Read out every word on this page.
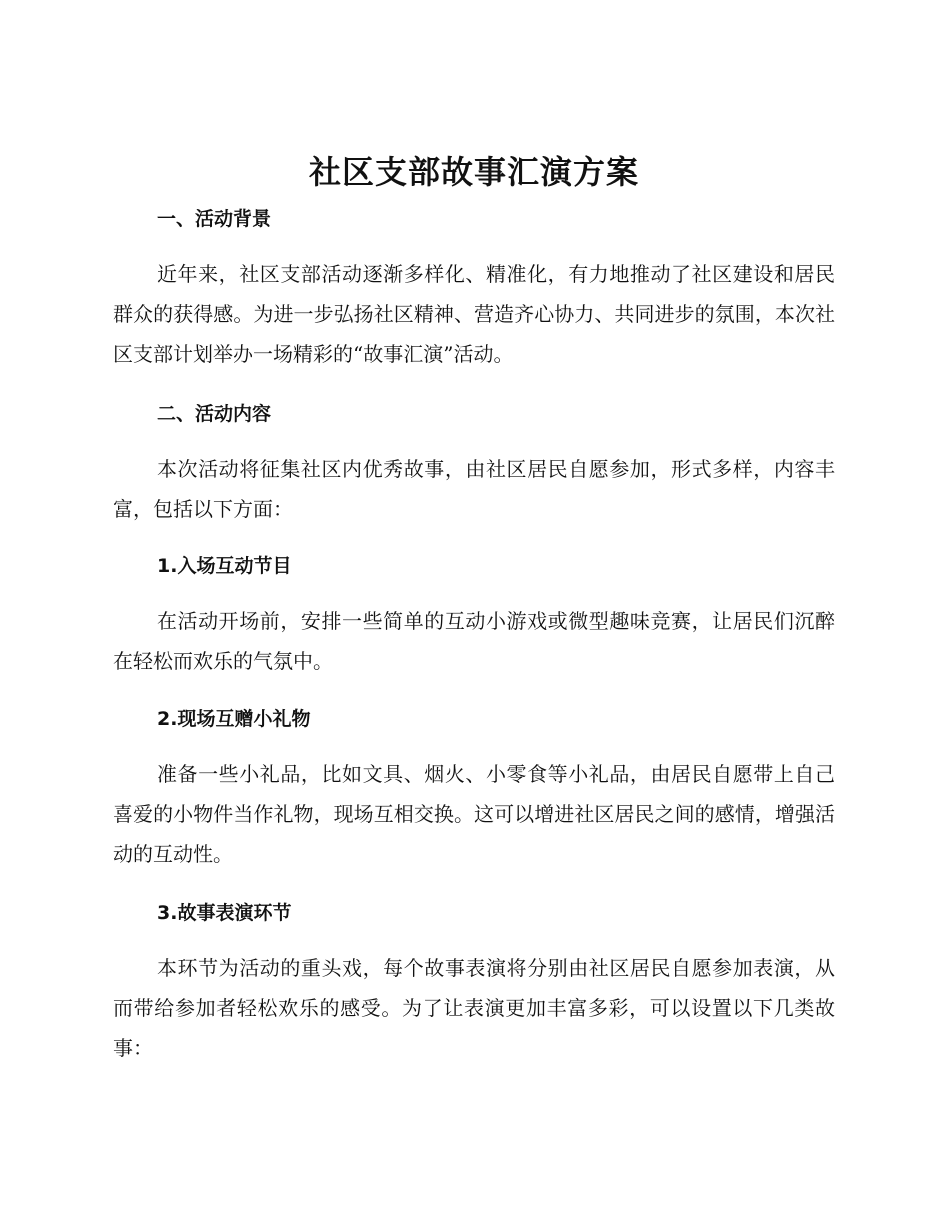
社区支部故事汇演方案
一、活动背景
近年来，社区支部活动逐渐多样化、精准化，有力地推动了社区建设和居民群众的获得感。为进一步弘扬社区精神、营造齐心协力、共同进步的氛围，本次社区支部计划举办一场精彩的“故事汇演”活动。
二、活动内容
本次活动将征集社区内优秀故事，由社区居民自愿参加，形式多样，内容丰富，包括以下方面：
1.入场互动节目
在活动开场前，安排一些简单的互动小游戏或微型趣味竞赛，让居民们沉醉在轻松而欢乐的气氛中。
2.现场互赠小礼物
准备一些小礼品，比如文具、烟火、小零食等小礼品，由居民自愿带上自己喜爱的小物件当作礼物，现场互相交换。这可以增进社区居民之间的感情，增强活动的互动性。
3.故事表演环节
本环节为活动的重头戏，每个故事表演将分别由社区居民自愿参加表演，从而带给参加者轻松欢乐的感受。为了让表演更加丰富多彩，可以设置以下几类故事：
